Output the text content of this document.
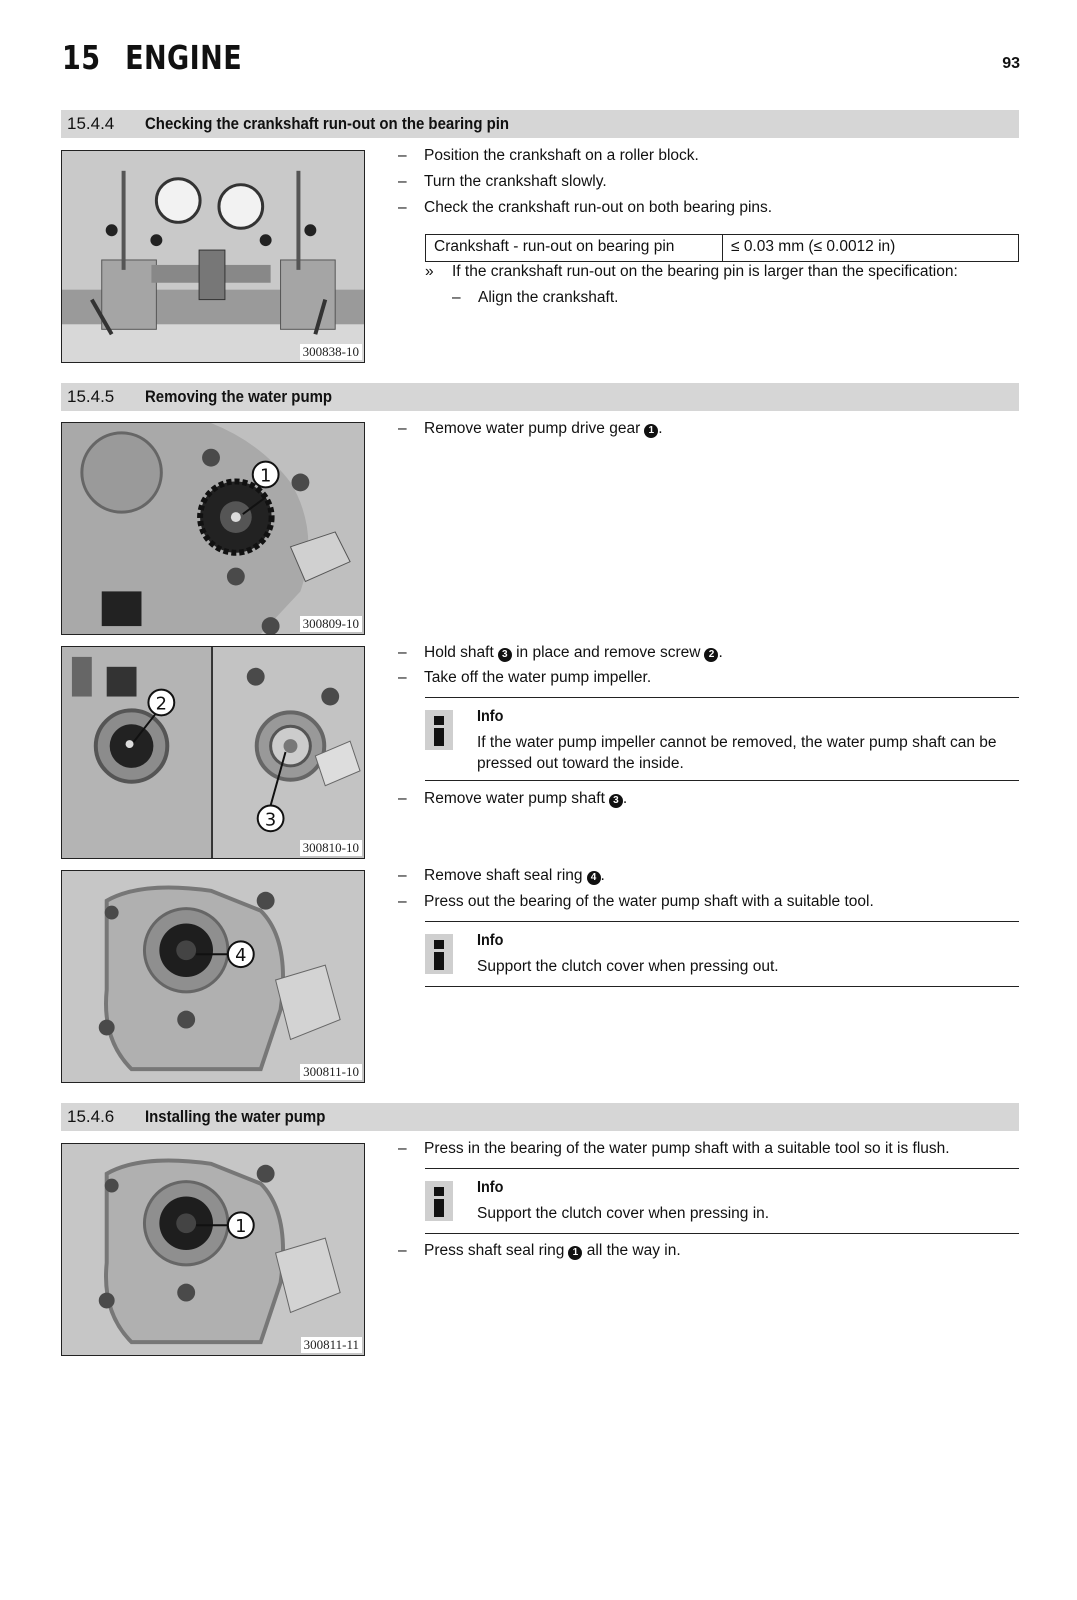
15 ENGINE	93
15.4.4 Checking the crankshaft run-out on the bearing pin
300838-10
– Position the crankshaft on a roller block.
– Turn the crankshaft slowly.
– Check the crankshaft run-out on both bearing pins.
Crankshaft - run-out on bearing pin	≤ 0.03 mm (≤ 0.0012 in)
» If the crankshaft run-out on the bearing pin is larger than the specification:
– Align the crankshaft.
15.4.5 Removing the water pump
1
300809-10
– Remove water pump drive gear 1 .
2
3
300810-10
– Hold shaft 3 in place and remove screw 2 .
– Take off the water pump impeller.
Info
If the water pump impeller cannot be removed, the water pump shaft can be pressed out toward the inside.
– Remove water pump shaft 3 .
4
300811-10
– Remove shaft seal ring 4 .
– Press out the bearing of the water pump shaft with a suitable tool.
Info
Support the clutch cover when pressing out.
15.4.6 Installing the water pump
1
300811-11
– Press in the bearing of the water pump shaft with a suitable tool so it is flush.
Info
Support the clutch cover when pressing in.
– Press shaft seal ring 1 all the way in.
